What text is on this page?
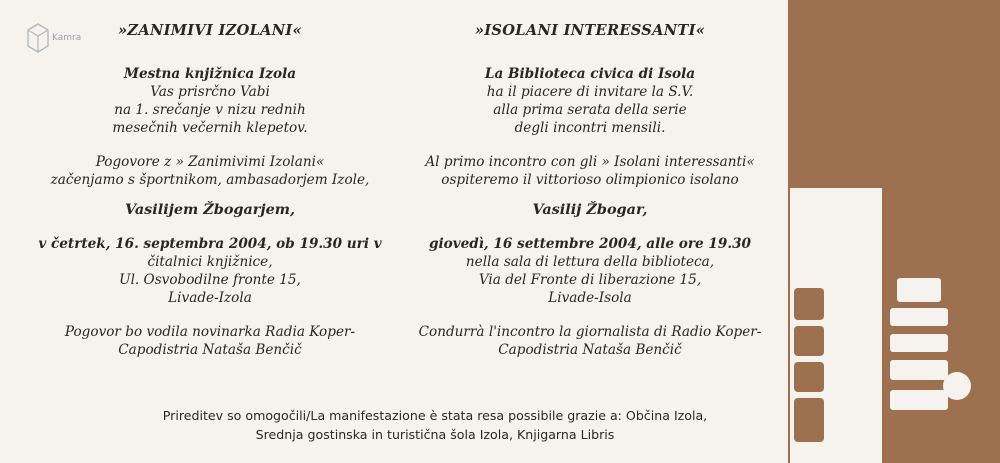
Kamra	»ZANIMIVI IZOLANI«
Mestna knjižnica Izola
Vas prisrčno Vabi
na 1. srečanje v nizu rednih
mesečnih večernih klepetov.
Pogovore z » Zanimivimi Izolani«
začenjamo s športnikom, ambasadorjem Izole,
Vasilijem Žbogarjem,
v četrtek, 16. septembra 2004, ob 19.30 uri v
čitalnici knjižnice,
Ul. Osvobodilne fronte 15,
Livade-Izola
Pogovor bo vodila novinarka Radia Koper-
Capodistria Nataša Benčič
»ISOLANI INTERESSANTI«
La Biblioteca civica di Isola
ha il piacere di invitare la S.V.
alla prima serata della serie
degli incontri mensili.
Al primo incontro con gli » Isolani interessanti«
ospiteremo il vittorioso olimpionico isolano
Vasilij Žbogar,
giovedì, 16 settembre 2004, alle ore 19.30
nella sala di lettura della biblioteca,
Via del Fronte di liberazione 15,
Livade-Isola
Condurrà l'incontro la giornalista di Radio Koper-
Capodistria Nataša Benčič
Prireditev so omogočili/La manifestazione è stata resa possibile grazie a: Občina Izola,
Srednja gostinska in turistična šola Izola, Knjigarna Libris
